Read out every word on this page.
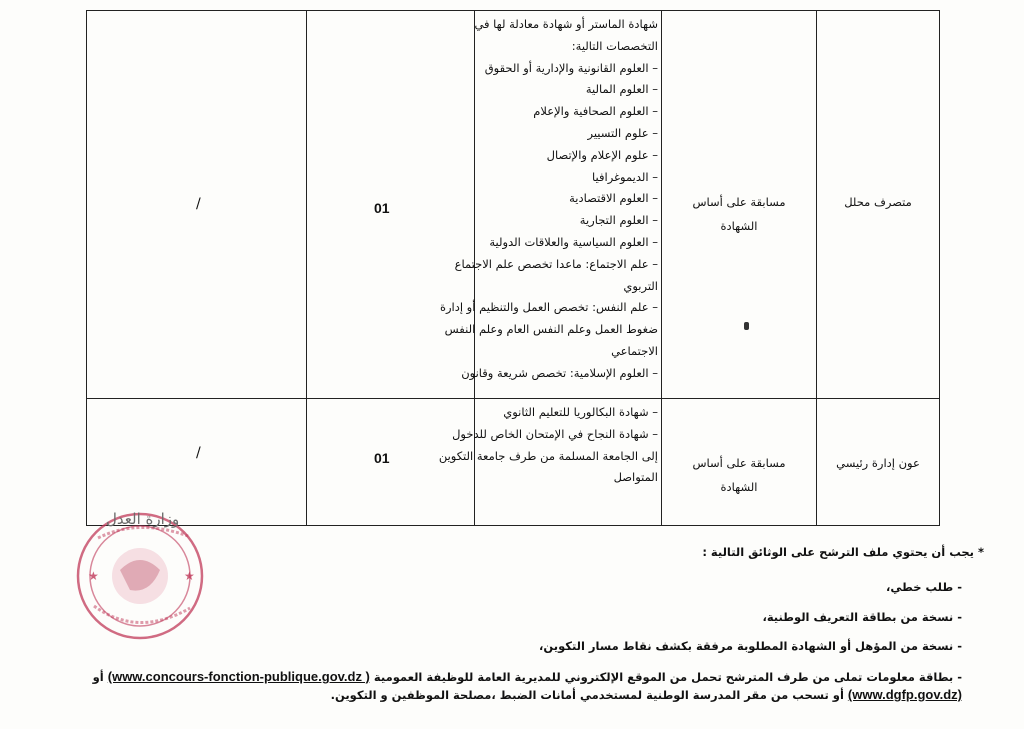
متصرف محلل
مسابقة على أساس
الشهادة
شهادة الماستر أو شهادة معادلة لها في
التخصصات التالية:
– العلوم القانونية والإدارية أو الحقوق
– العلوم المالية
– العلوم الصحافية والإعلام
– علوم التسيير
– علوم الإعلام والإتصال
– الديموغرافيا
– العلوم الاقتصادية
– العلوم التجارية
– العلوم السياسية والعلاقات الدولية
– علم الاجتماع: ماعدا تخصص علم الاجتماع
التربوي
– علم النفس: تخصص العمل والتنظيم أو إدارة
ضغوط العمل وعلم النفس العام وعلم النفس
الاجتماعي
– العلوم الإسلامية: تخصص شريعة وقانون
01
/
عون إدارة رئيسي
مسابقة على أساس
الشهادة
– شهادة البكالوريا للتعليم الثانوي
– شهادة النجاح في الإمتحان الخاص للدخول
إلى الجامعة المسلمة من طرف جامعة التكوين
المتواصل
01
/
★	★
وزارة العدل
* يجب أن يحتوي ملف الترشح على الوثائق التالية :
- طلب خطي،
- نسخة من بطاقة التعريف الوطنية،
- نسخة من المؤهل أو الشهادة المطلوبة مرفقة بكشف نقاط مسار التكوين،
- بطاقة معلومات تملى من طرف المترشح تحمل من الموقع الإلكتروني للمديرية العامة للوظيفة العمومية (www.concours-fonction-publique.gov.dz ) أو
(www.dgfp.gov.dz) أو تسحب من مقر المدرسة الوطنية لمستخدمي أمانات الضبط ،مصلحة الموظفين و التكوين.
